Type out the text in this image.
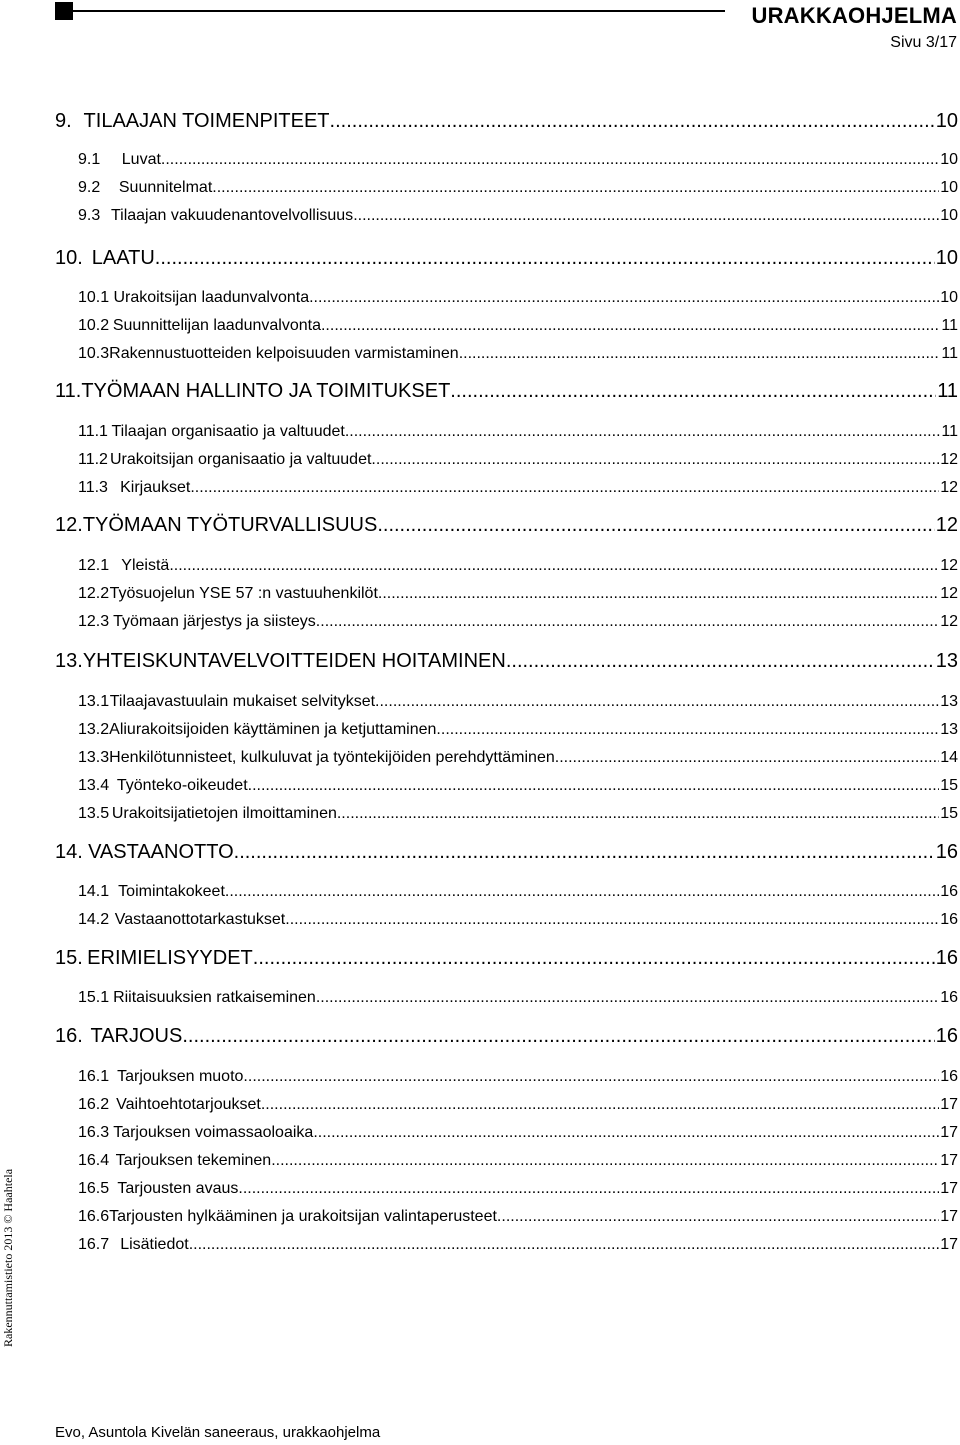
URAKKAOHJELMA
Sivu 3/17
9. TILAAJAN TOIMENPITEET .....	10
9.1	Luvat .....	10
9.2	Suunnitelmat .....	10
9.3 Tilaajan vakuudenantovelvollisuus .....	10
10. LAATU .....	10
10.1 Urakoitsijan laadunvalvonta .....	10
10.2 Suunnittelijan laadunvalvonta .....	11
10.3 Rakennustuotteiden kelpoisuuden varmistaminen .....	11
11. TYÖMAAN HALLINTO JA TOIMITUKSET .....	11
11.1 Tilaajan organisaatio ja valtuudet .....	11
11.2 Urakoitsijan organisaatio ja valtuudet .....	12
11.3 Kirjaukset .....	12
12. TYÖMAAN TYÖTURVALLISUUS .....	12
12.1 Yleistä .....	12
12.2 Työsuojelun YSE 57 :n vastuuhenkilöt .....	12
12.3 Työmaan järjestys ja siisteys .....	12
13. YHTEISKUNTAVELVOITTEIDEN HOITAMINEN .....	13
13.1 Tilaajavastuulain mukaiset selvitykset .....	13
13.2 Aliurakoitsijoiden käyttäminen ja ketjuttaminen .....	13
13.3 Henkilötunnisteet, kulkuluvat ja työntekijöiden perehdyttäminen .....	14
13.4 Työnteko-oikeudet .....	15
13.5 Urakoitsijatietojen ilmoittaminen .....	15
14. VASTAANOTTO .....	16
14.1 Toimintakokeet .....	16
14.2 Vastaanottotarkastukset .....	16
15. ERIMIELISYYDET .....	16
15.1 Riitaisuuksien ratkaiseminen .....	16
16. TARJOUS .....	16
16.1 Tarjouksen muoto .....	16
16.2 Vaihtoehtotarjoukset .....	17
16.3 Tarjouksen voimassaoloaika .....	17
16.4 Tarjouksen tekeminen .....	17
16.5 Tarjousten avaus .....	17
16.6 Tarjousten hylkääminen ja urakoitsijan valintaperusteet .....	17
16.7 Lisätiedot .....	17
Rakennuttamistieto 2013 © Haahtela
Evo, Asuntola Kivelän saneeraus, urakkaohjelma
